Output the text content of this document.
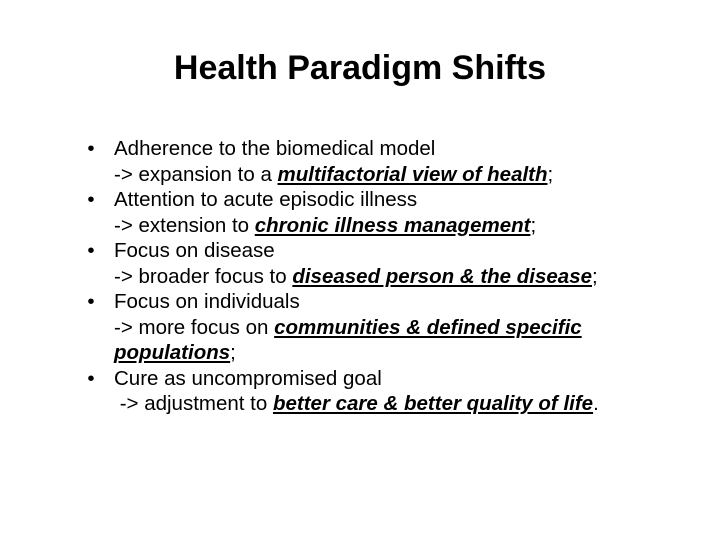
Health Paradigm Shifts
• Adherence to the biomedical model
-> expansion to a multifactorial view of health;
• Attention to acute episodic illness
-> extension to chronic illness management;
• Focus on disease
-> broader focus to diseased person & the disease;
• Focus on individuals
-> more focus on communities & defined specific populations;
• Cure as uncompromised goal
-> adjustment to better care & better quality of life.
